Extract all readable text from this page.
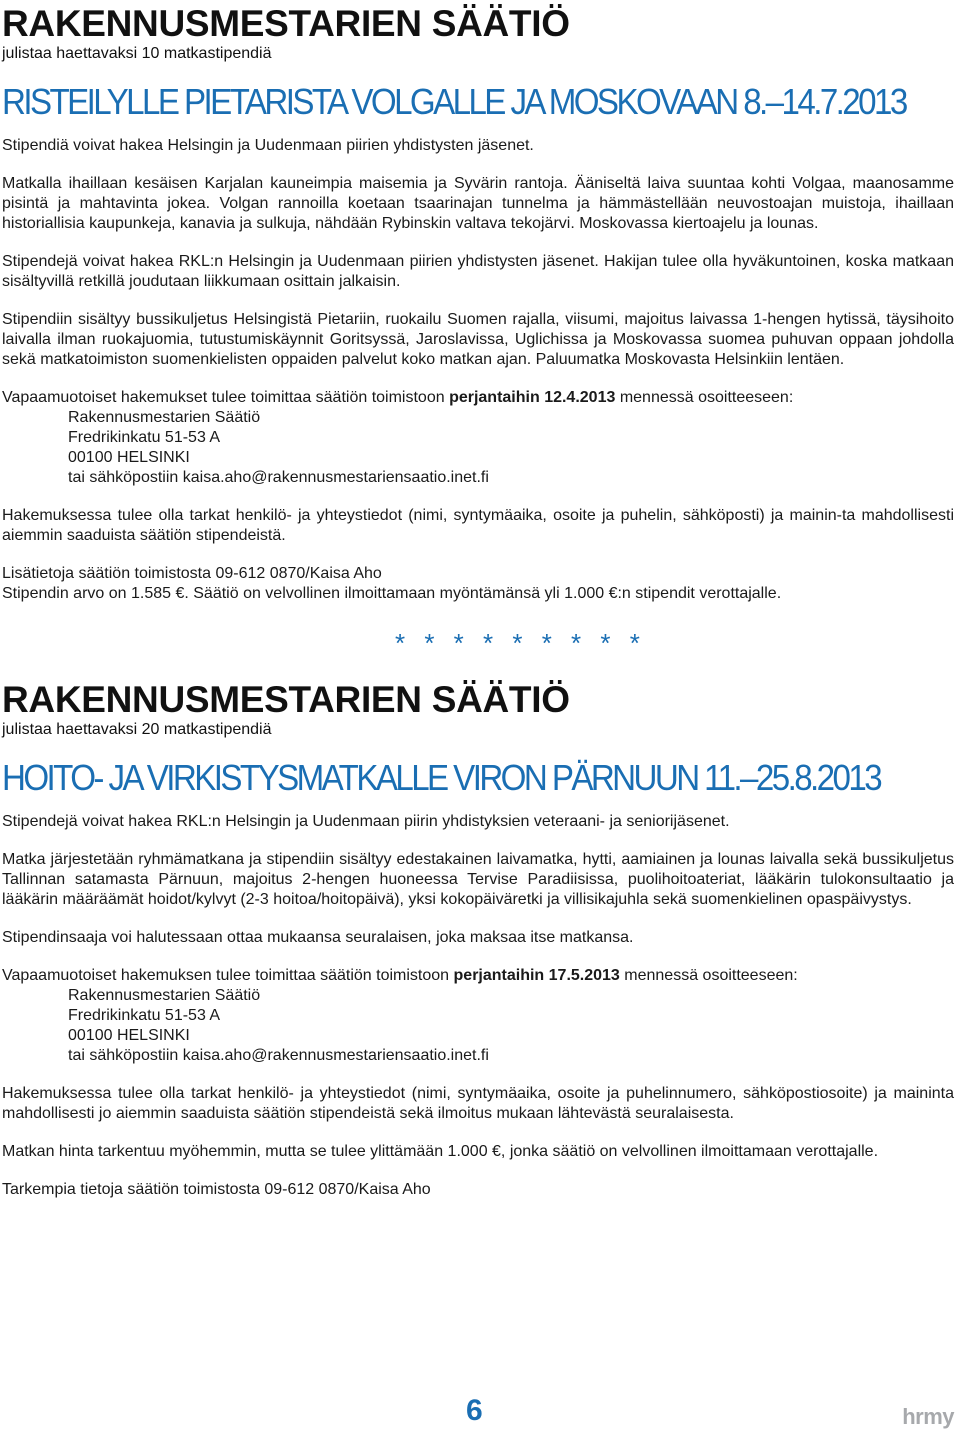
RAKENNUSMESTARIEN SÄÄTIÖ
julistaa haettavaksi 10 matkastipendiä
RISTEILYLLE PIETARISTA VOLGALLE JA MOSKOVAAN 8.–14.7.2013

Stipendiä voivat hakea Helsingin ja Uudenmaan piirien yhdistysten jäsenet.

Matkalla ihaillaan kesäisen Karjalan kauneimpia maisemia ja Syvärin rantoja. Ääniseltä laiva suuntaa kohti Volgaa, maanosamme pisintä ja mahtavinta jokea. Volgan rannoilla koetaan tsaarinajan tunnelma ja hämmästellään neuvostoajan muistoja, ihaillaan historiallisia kaupunkeja, kanavia ja sulkuja, nähdään Rybinskin valtava tekojärvi. Moskovassa kiertoajelu ja lounas.

Stipendejä voivat hakea RKL:n Helsingin ja Uudenmaan piirien yhdistysten jäsenet. Hakijan tulee olla hyväkuntoinen, koska matkaan sisältyvillä retkillä joudutaan liikkumaan osittain jalkaisin.

Stipendiin sisältyy bussikuljetus Helsingistä Pietariin, ruokailu Suomen rajalla, viisumi, majoitus laivassa 1-hengen hytissä, täysihoito laivalla ilman ruokajuomia, tutustumiskäynnit Goritsyssä, Jaroslavissa, Uglichissa ja Moskovassa suomea puhuvan oppaan johdolla sekä matkatoimiston suomenkielisten oppaiden palvelut koko matkan ajan. Paluumatka Moskovasta Helsinkiin lentäen.

Vapaamuotoiset hakemukset tulee toimittaa säätiön toimistoon perjantaihin 12.4.2013 mennessä osoitteeseen:

Rakennusmestarien Säätiö

Fredrikinkatu 51-53 A

00100 HELSINKI

tai sähköpostiin kaisa.aho@rakennusmestariensaatio.inet.fi

Hakemuksessa tulee olla tarkat henkilö- ja yhteystiedot (nimi, syntymäaika, osoite ja puhelin, sähköposti) ja mainin-ta mahdollisesti aiemmin saaduista säätiön stipendeistä.

Lisätietoja säätiön toimistosta 09-612 0870/Kaisa Aho

Stipendin arvo on 1.585 €. Säätiö on velvollinen ilmoittamaan myöntämänsä yli 1.000 €:n stipendit verottajalle.

* * * * * * * * *
RAKENNUSMESTARIEN SÄÄTIÖ
julistaa haettavaksi 20 matkastipendiä
HOITO- JA VIRKISTYSMATKALLE VIRON PÄRNUUN 11.–25.8.2013

Stipendejä voivat hakea RKL:n Helsingin ja Uudenmaan piirin yhdistyksien veteraani- ja seniorijäsenet.

Matka järjestetään ryhmämatkana ja stipendiin sisältyy edestakainen laivamatka, hytti, aamiainen ja lounas laivalla sekä bussikuljetus Tallinnan satamasta Pärnuun, majoitus 2-hengen huoneessa Tervise Paradiisissa, puolihoitoateriat, lääkärin tulokonsultaatio ja lääkärin määräämät hoidot/kylvyt (2-3 hoitoa/hoitopäivä), yksi kokopäiväretki ja villisikajuhla sekä suomenkielinen opaspäivystys.

Stipendinsaaja voi halutessaan ottaa mukaansa seuralaisen, joka maksaa itse matkansa.

Vapaamuotoiset hakemuksen tulee toimittaa säätiön toimistoon perjantaihin 17.5.2013 mennessä osoitteeseen:

Rakennusmestarien Säätiö

Fredrikinkatu 51-53 A

00100 HELSINKI

tai sähköpostiin kaisa.aho@rakennusmestariensaatio.inet.fi

Hakemuksessa tulee olla tarkat henkilö- ja yhteystiedot (nimi, syntymäaika, osoite ja puhelinnumero, sähköpostiosoite) ja maininta mahdollisesti jo aiemmin saaduista säätiön stipendeistä sekä ilmoitus mukaan lähtevästä seuralaisesta.

Matkan hinta tarkentuu myöhemmin, mutta se tulee ylittämään 1.000 €, jonka säätiö on velvollinen ilmoittamaan verottajalle.

Tarkempia tietoja säätiön toimistosta 09-612 0870/Kaisa Aho

6	hrmy
